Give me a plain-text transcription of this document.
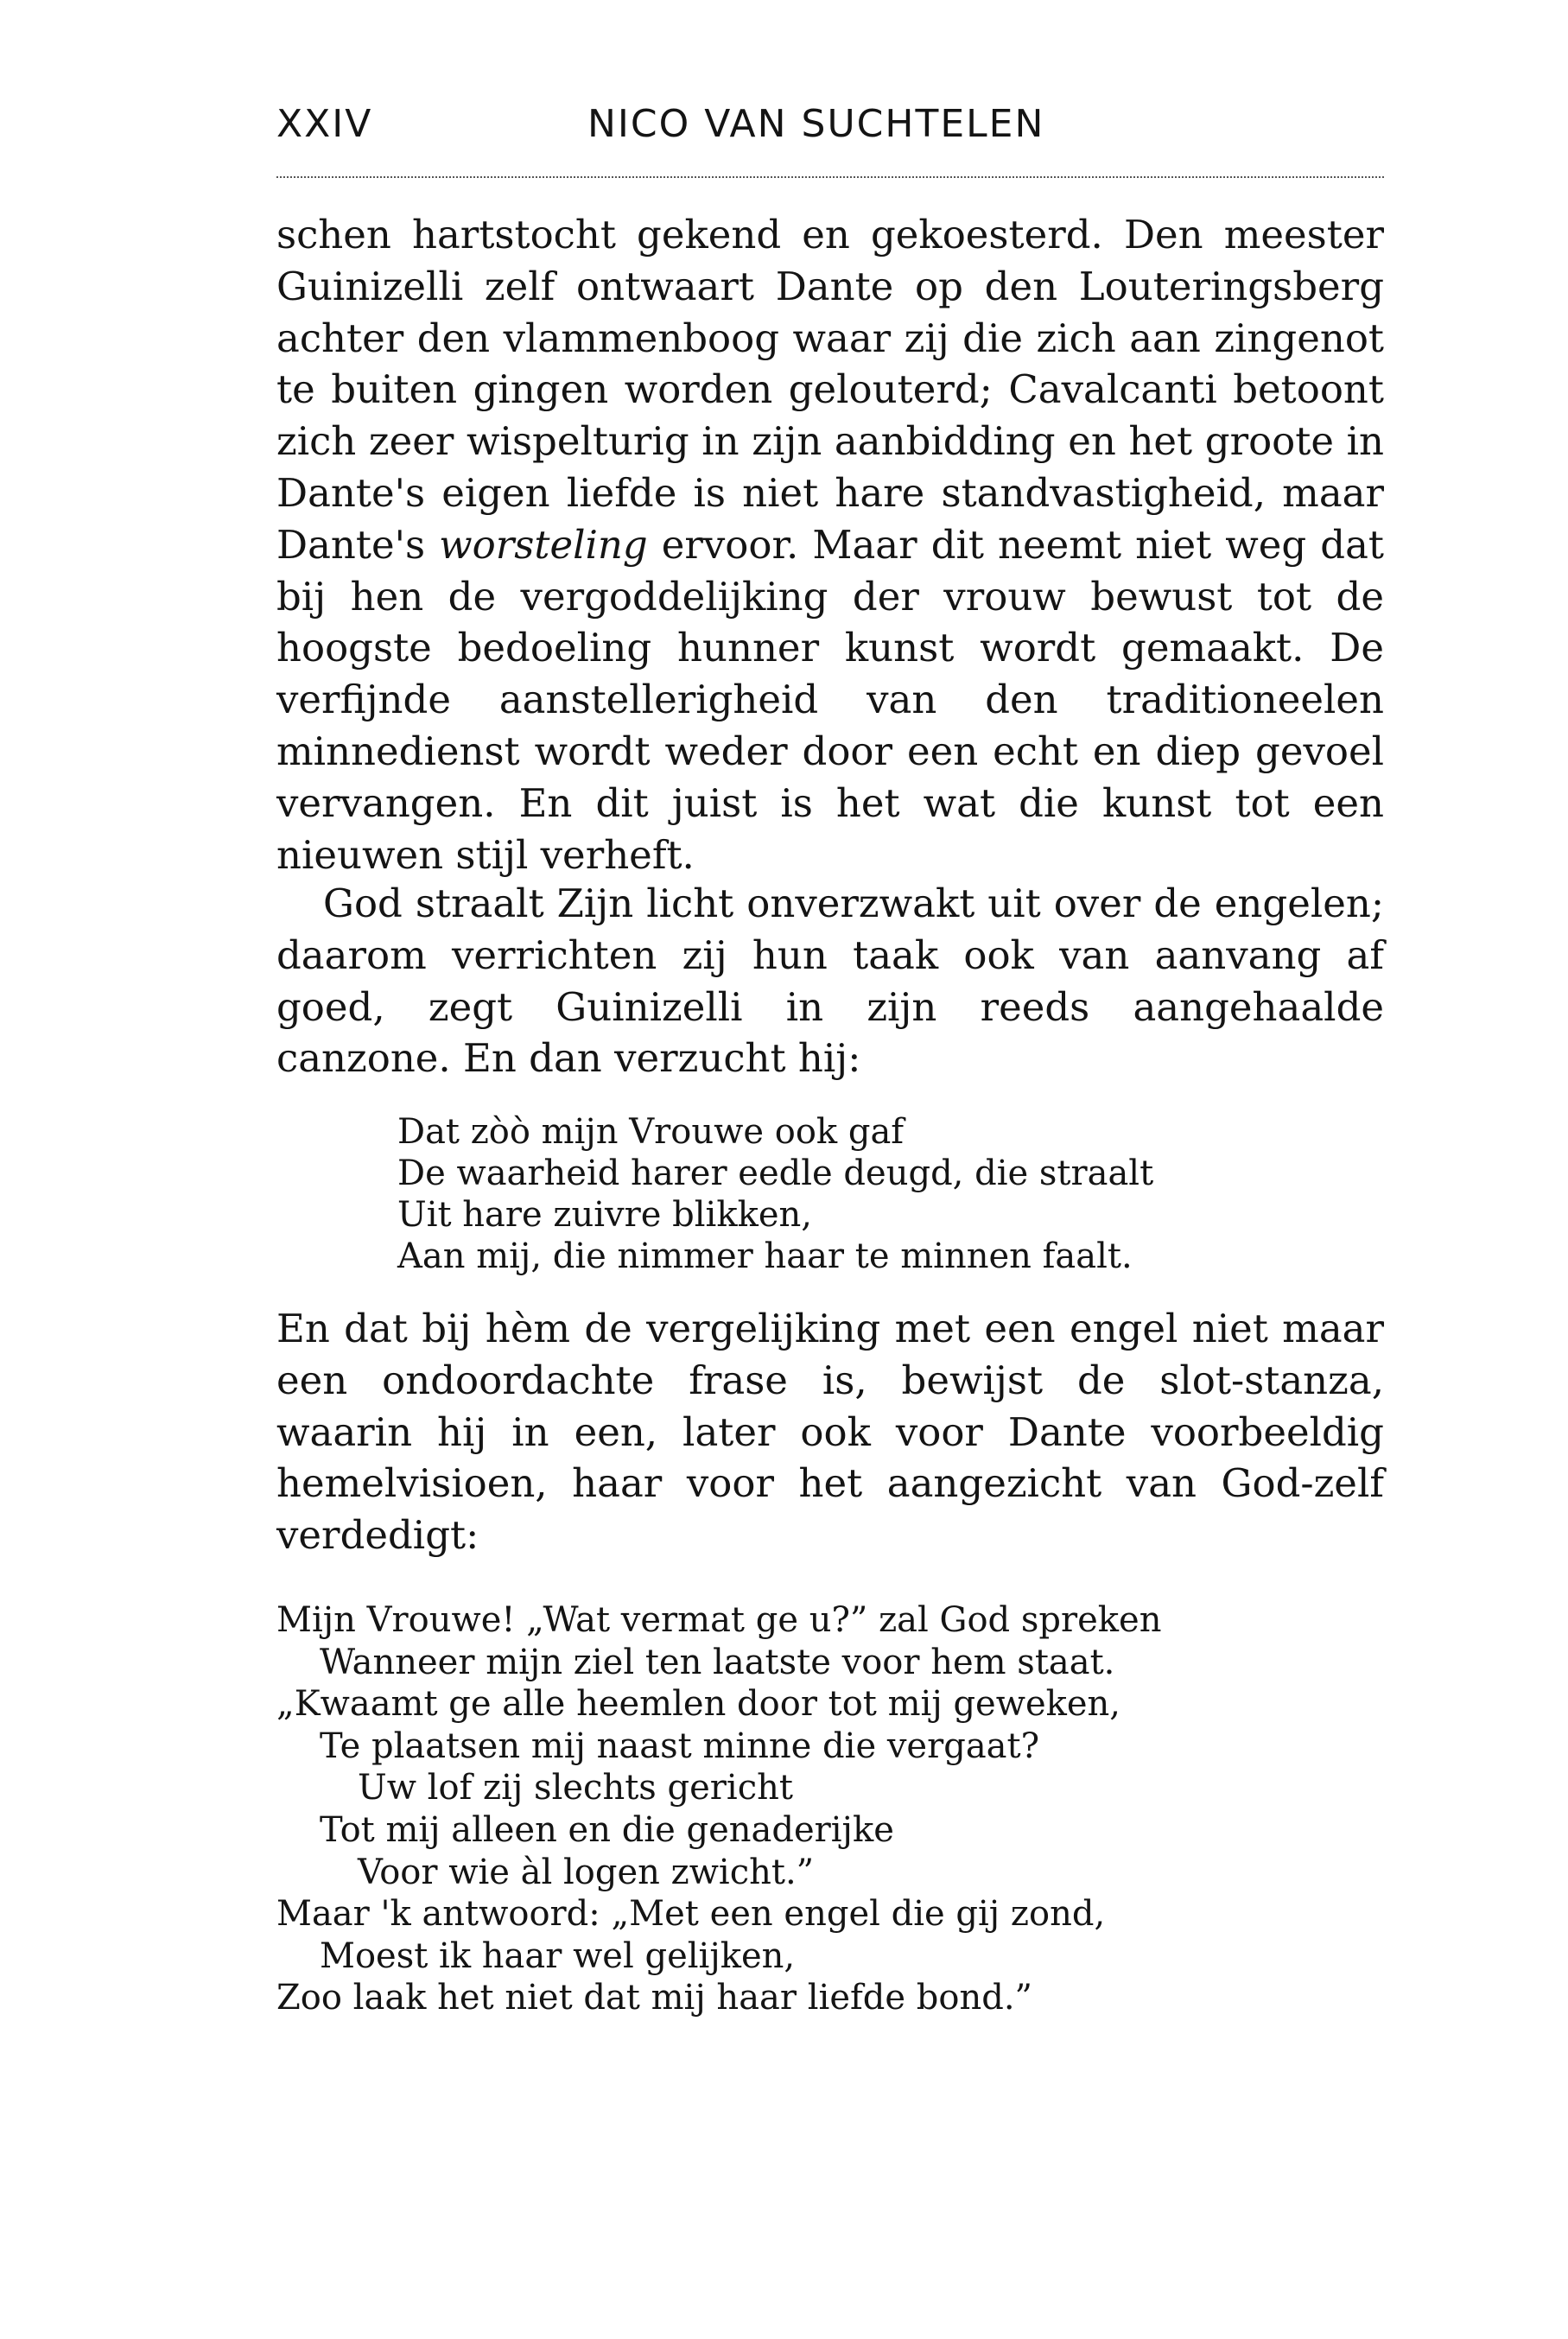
XXIV	NICO VAN SUCHTELEN

schen hartstocht gekend en gekoesterd. Den meester Guinizelli zelf ontwaart Dante op den Louteringsberg achter den vlammenboog waar zij die zich aan zingenot te buiten gingen worden gelouterd; Cavalcanti betoont zich zeer wispelturig in zijn aanbidding en het groote in Dante's eigen liefde is niet hare standvastigheid, maar Dante's worsteling ervoor. Maar dit neemt niet weg dat bij hen de vergoddelijking der vrouw bewust tot de hoogste bedoeling hunner kunst wordt gemaakt. De verfijnde aanstellerigheid van den traditioneelen minnedienst wordt weder door een echt en diep gevoel vervangen. En dit juist is het wat die kunst tot een nieuwen stijl verheft.

God straalt Zijn licht onverzwakt uit over de engelen; daarom verrichten zij hun taak ook van aanvang af goed, zegt Guinizelli in zijn reeds aangehaalde canzone. En dan verzucht hij:

Dat zòò mijn Vrouwe ook gaf
De waarheid harer eedle deugd, die straalt
Uit hare zuivre blikken,
Aan mij, die nimmer haar te minnen faalt.

En dat bij hèm de vergelijking met een engel niet maar een ondoordachte frase is, bewijst de slot-stanza, waarin hij in een, later ook voor Dante voorbeeldig hemelvisioen, haar voor het aangezicht van God-zelf verdedigt:

Mijn Vrouwe! „Wat vermat ge u?” zal God spreken
Wanneer mijn ziel ten laatste voor hem staat.
„Kwaamt ge alle heemlen door tot mij geweken,
Te plaatsen mij naast minne die vergaat?
Uw lof zij slechts gericht
Tot mij alleen en die genaderijke
Voor wie àl logen zwicht.”
Maar 'k antwoord: „Met een engel die gij zond,
Moest ik haar wel gelijken,
Zoo laak het niet dat mij haar liefde bond.”
